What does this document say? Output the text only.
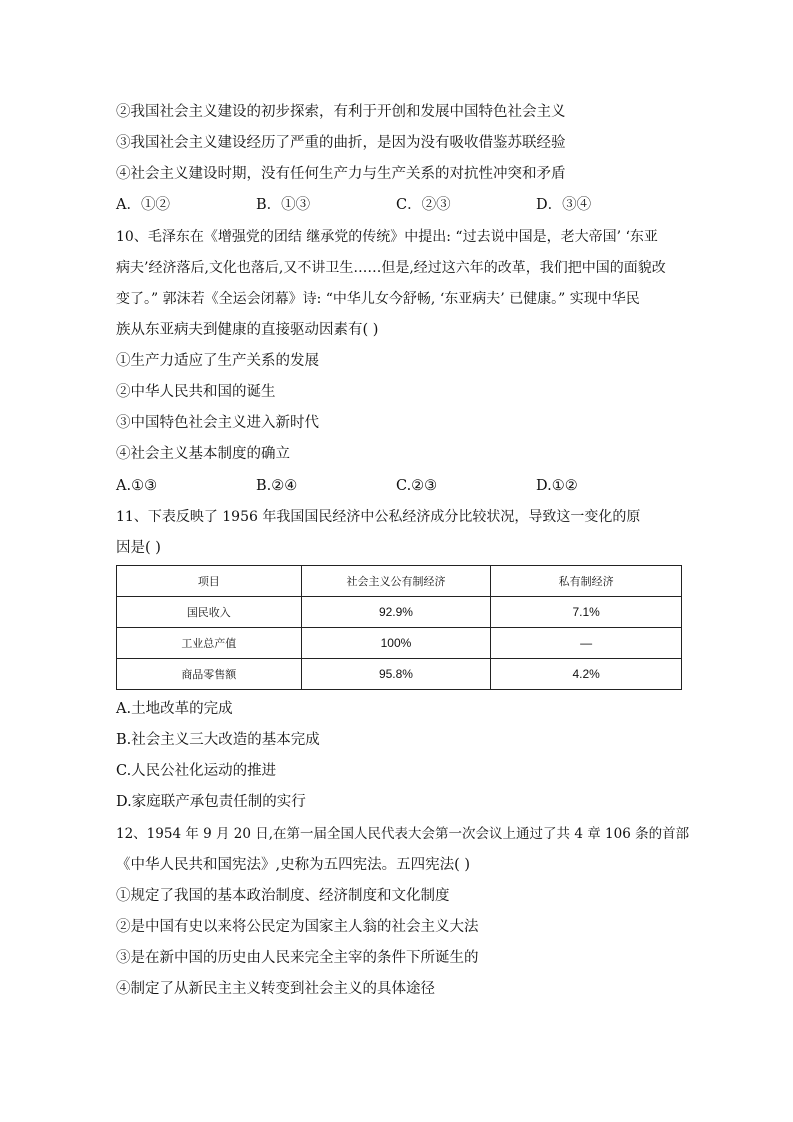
②我国社会主义建设的初步探索，有利于开创和发展中国特色社会主义
③我国社会主义建设经历了严重的曲折，是因为没有吸收借鉴苏联经验
④社会主义建设时期，没有任何生产力与生产关系的对抗性冲突和矛盾
A．①②	B．①③	C．②③	D．③④
10、毛泽东在《增强党的团结 继承党的传统》中提出: “过去说中国是，老大帝国’ ‘东亚
病夫’经济落后,文化也落后,又不讲卫生……但是,经过这六年的改革，我们把中国的面貌改
变了。” 郭沫若《全运会闭幕》诗: “中华儿女今舒畅, ‘东亚病夫’ 已健康。” 实现中华民
族从东亚病夫到健康的直接驱动因素有( )
①生产力适应了生产关系的发展
②中华人民共和国的诞生
③中国特色社会主义进入新时代
④社会主义基本制度的确立
A.①③	B.②④	C.②③	D.①②
11、下表反映了 1956 年我国国民经济中公私经济成分比较状况，导致这一变化的原
因是( )
项目	社会主义公有制经济	私有制经济
国民收入	92.9%	7.1%
工业总产值	100%	—
商品零售额	95.8%	4.2%
A.土地改革的完成
B.社会主义三大改造的基本完成
C.人民公社化运动的推进
D.家庭联产承包责任制的实行
12、1954 年 9 月 20 日,在第一届全国人民代表大会第一次会议上通过了共 4 章 106 条的首部
《中华人民共和国宪法》,史称为五四宪法。五四宪法( )
①规定了我国的基本政治制度、经济制度和文化制度
②是中国有史以来将公民定为国家主人翁的社会主义大法
③是在新中国的历史由人民来完全主宰的条件下所诞生的
④制定了从新民主主义转变到社会主义的具体途径
